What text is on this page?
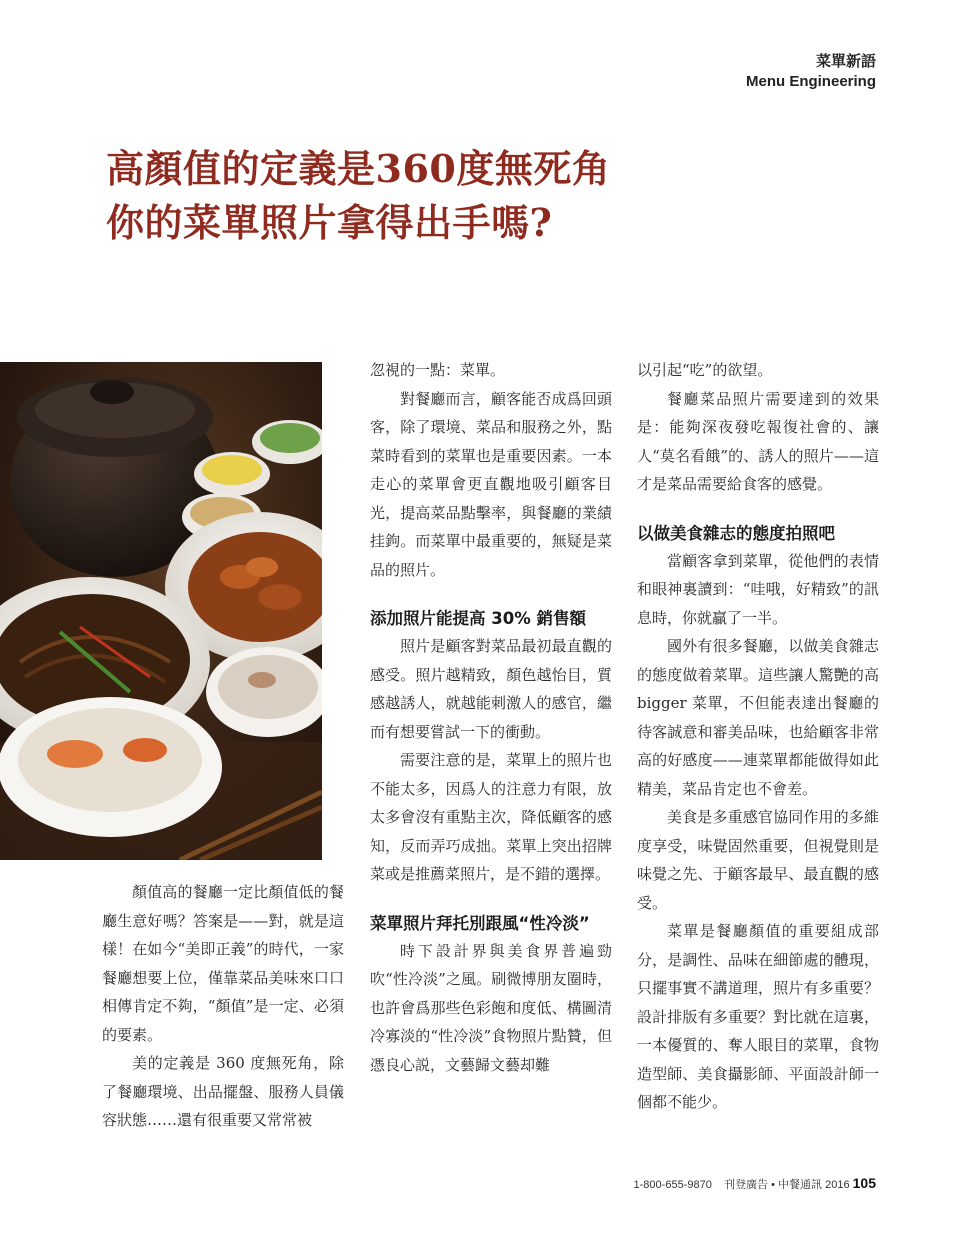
菜單新語
Menu Engineering
高顏值的定義是360度無死角
你的菜單照片拿得出手嗎?

顏值高的餐廳一定比顏值低的餐廳生意好嗎？答案是——對，就是這樣！在如今“美即正義”的時代，一家餐廳想要上位，僅靠菜品美味來口口相傳肯定不夠，“顏值”是一定、必須的要素。

美的定義是 360 度無死角，除了餐廳環境、出品擺盤、服務人員儀容狀態……還有很重要又常常被

忽視的一點：菜單。

對餐廳而言，顧客能否成爲回頭客，除了環境、菜品和服務之外，點菜時看到的菜單也是重要因素。一本走心的菜單會更直觀地吸引顧客目光，提高菜品點擊率，與餐廳的業績挂鉤。而菜單中最重要的，無疑是菜品的照片。

添加照片能提高 30% 銷售額

照片是顧客對菜品最初最直觀的感受。照片越精致，顏色越怡目，質感越誘人，就越能刺激人的感官，繼而有想要嘗試一下的衝動。

需要注意的是，菜單上的照片也不能太多，因爲人的注意力有限，放太多會沒有重點主次，降低顧客的感知，反而弄巧成拙。菜單上突出招牌菜或是推薦菜照片，是不錯的選擇。

菜單照片拜托別跟風“性冷淡”

時下設計界與美食界普遍勁吹“性冷淡”之風。刷微博朋友圈時，也許會爲那些色彩飽和度低、構圖清冷寡淡的“性冷淡”食物照片點贊，但憑良心説，文藝歸文藝却難

以引起“吃”的欲望。

餐廳菜品照片需要達到的效果是：能夠深夜發吃報復社會的、讓人“莫名看餓”的、誘人的照片——這才是菜品需要給食客的感覺。

以做美食雜志的態度拍照吧

當顧客拿到菜單，從他們的表情和眼神裏讀到：“哇哦，好精致”的訊息時，你就贏了一半。

國外有很多餐廳，以做美食雜志的態度做着菜單。這些讓人驚艷的高 bigger 菜單，不但能表達出餐廳的待客誠意和審美品味，也給顧客非常高的好感度——連菜單都能做得如此精美，菜品肯定也不會差。

美食是多重感官協同作用的多維度享受，味覺固然重要，但視覺則是味覺之先、于顧客最早、最直觀的感受。

菜單是餐廳顏值的重要組成部分，是調性、品味在細節處的體現，只擺事實不講道理，照片有多重要？設計排版有多重要？對比就在這裏，一本優質的、奪人眼目的菜單，食物造型師、美食攝影師、平面設計師一個都不能少。

1-800-655-9870 刊登廣告 • 中餐通訊 2016 105
